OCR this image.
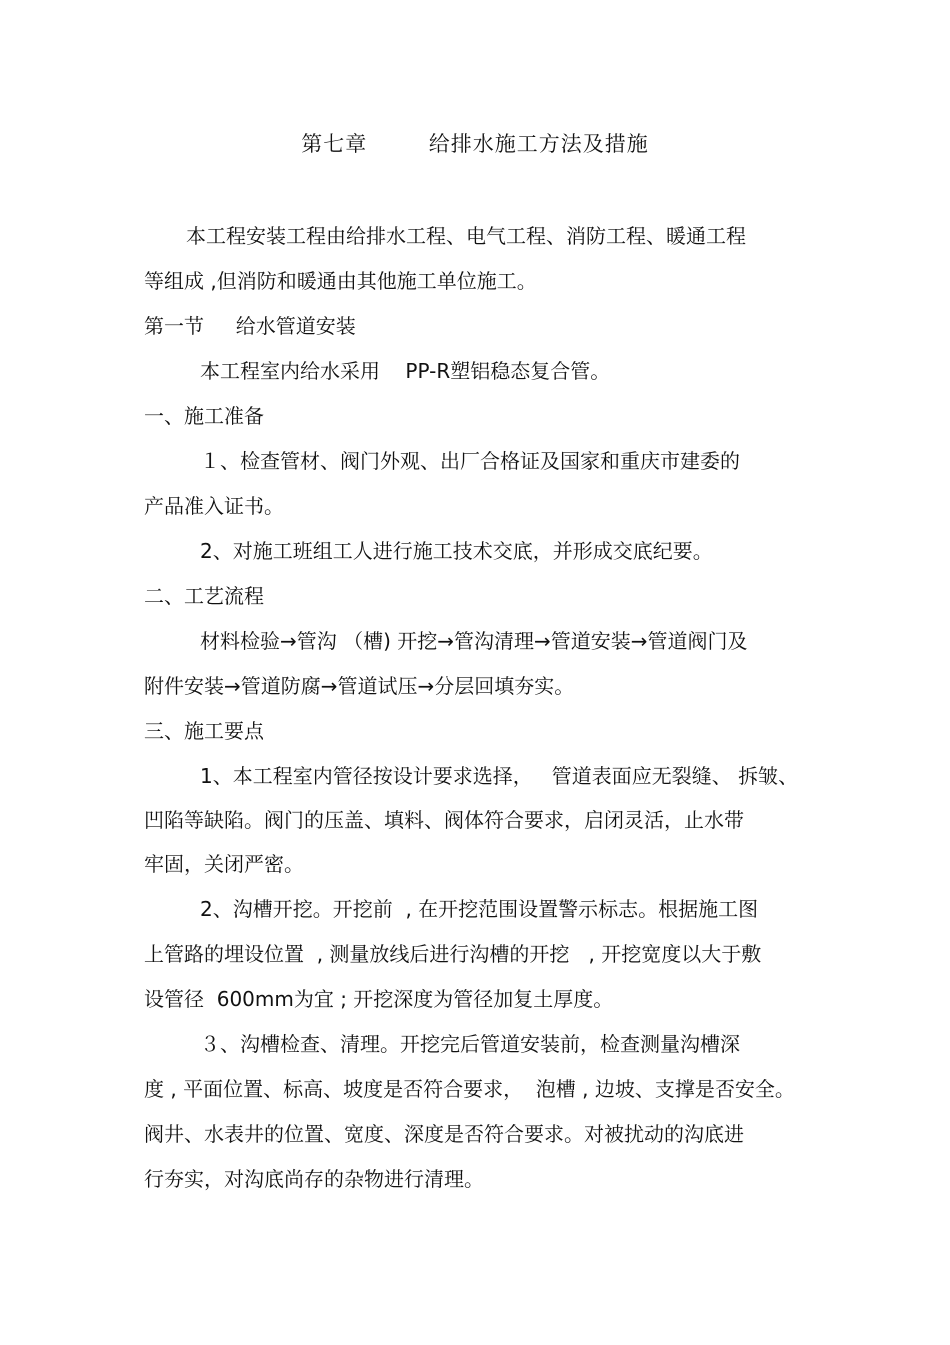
第七章        给排水施工方法及措施
本工程安装工程由给排水工程、电气工程、消防工程、暖通工程
等组成 ,但消防和暖通由其他施工单位施工。
第一节     给水管道安装
本工程室内给水采用    PP-R塑铝稳态复合管。
一、施工准备
１、检查管材、阀门外观、出厂合格证及国家和重庆市建委的
产品准入证书。
2、对施工班组工人进行施工技术交底，并形成交底纪要。
二、工艺流程
材料检验→管沟 （槽) 开挖→管沟清理→管道安装→管道阀门及
附件安装→管道防腐→管道试压→分层回填夯实。
三、施工要点
1、本工程室内管径按设计要求选择，   管道表面应无裂缝、 拆皱、
凹陷等缺陷。阀门的压盖、填料、阀体符合要求，启闭灵活，止水带
牢固，关闭严密。
2、沟槽开挖。开挖前  , 在开挖范围设置警示标志。根据施工图
上管路的埋设位置  , 测量放线后进行沟槽的开挖   , 开挖宽度以大于敷
设管径  600mm为宜 ; 开挖深度为管径加复土厚度。
３、沟槽检查、清理。开挖完后管道安装前，检查测量沟槽深
度 , 平面位置、标高、坡度是否符合要求，  泡槽 , 边坡、支撑是否安全。
阀井、水表井的位置、宽度、深度是否符合要求。对被扰动的沟底进
行夯实，对沟底尚存的杂物进行清理。
